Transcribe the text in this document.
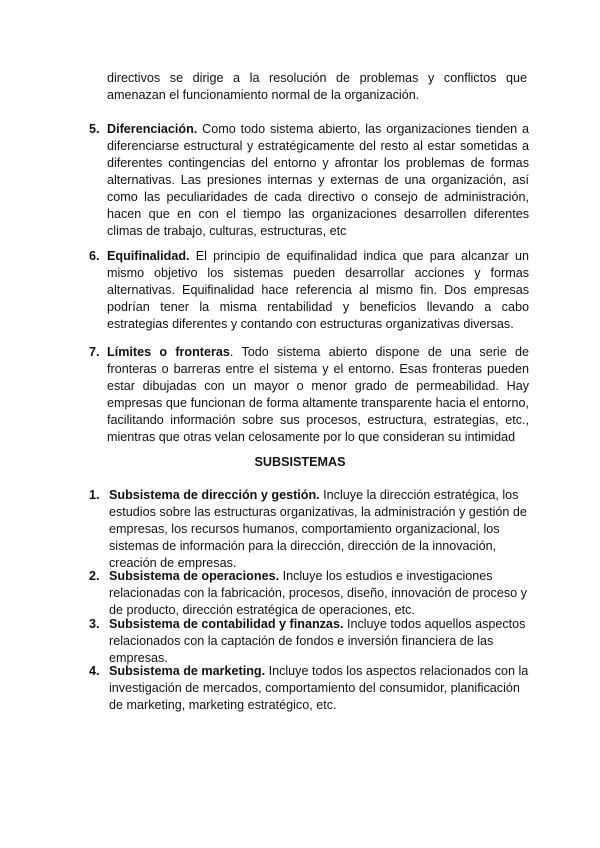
directivos se dirige a la resolución de problemas y conflictos que amenazan el funcionamiento normal de la organización.

5. Diferenciación. Como todo sistema abierto, las organizaciones tienden a diferenciarse estructural y estratégicamente del resto al estar sometidas a diferentes contingencias del entorno y afrontar los problemas de formas alternativas. Las presiones internas y externas de una organización, así como las peculiaridades de cada directivo o consejo de administración, hacen que en con el tiempo las organizaciones desarrollen diferentes climas de trabajo, culturas, estructuras, etc
6. Equifinalidad. El principio de equifinalidad indica que para alcanzar un mismo objetivo los sistemas pueden desarrollar acciones y formas alternativas. Equifinalidad hace referencia al mismo fin. Dos empresas podrían tener la misma rentabilidad y beneficios llevando a cabo estrategias diferentes y contando con estructuras organizativas diversas.
7. Límites o fronteras. Todo sistema abierto dispone de una serie de fronteras o barreras entre el sistema y el entorno. Esas fronteras pueden estar dibujadas con un mayor o menor grado de permeabilidad. Hay empresas que funcionan de forma altamente transparente hacia el entorno, facilitando información sobre sus procesos, estructura, estrategias, etc., mientras que otras velan celosamente por lo que consideran su intimidad
SUBSISTEMAS
1. Subsistema de dirección y gestión. Incluye la dirección estratégica, los estudios sobre las estructuras organizativas, la administración y gestión de empresas, los recursos humanos, comportamiento organizacional, los sistemas de información para la dirección, dirección de la innovación, creación de empresas.
2. Subsistema de operaciones. Incluye los estudios e investigaciones relacionadas con la fabricación, procesos, diseño, innovación de proceso y de producto, dirección estratégica de operaciones, etc.
3. Subsistema de contabilidad y finanzas. Incluye todos aquellos aspectos relacionados con la captación de fondos e inversión financiera de las empresas.
4. Subsistema de marketing. Incluye todos los aspectos relacionados con la investigación de mercados, comportamiento del consumidor, planificación de marketing, marketing estratégico, etc.
